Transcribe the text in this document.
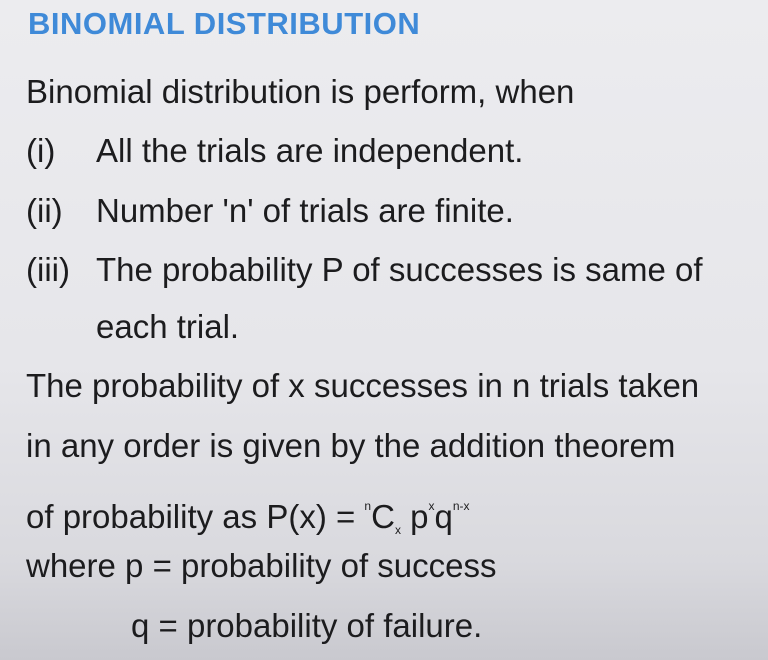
BINOMIAL DISTRIBUTION
Binomial distribution is perform, when
(i) All the trials are independent.
(ii) Number 'n' of trials are finite.
(iii) The probability P of successes is same of
each trial.
The probability of x successes in n trials taken
in any order is given by the addition theorem
of probability as $P(x) = ^nC_x$ $p^xq^{n-x}$
where p = probability of success
q = probability of failure.
